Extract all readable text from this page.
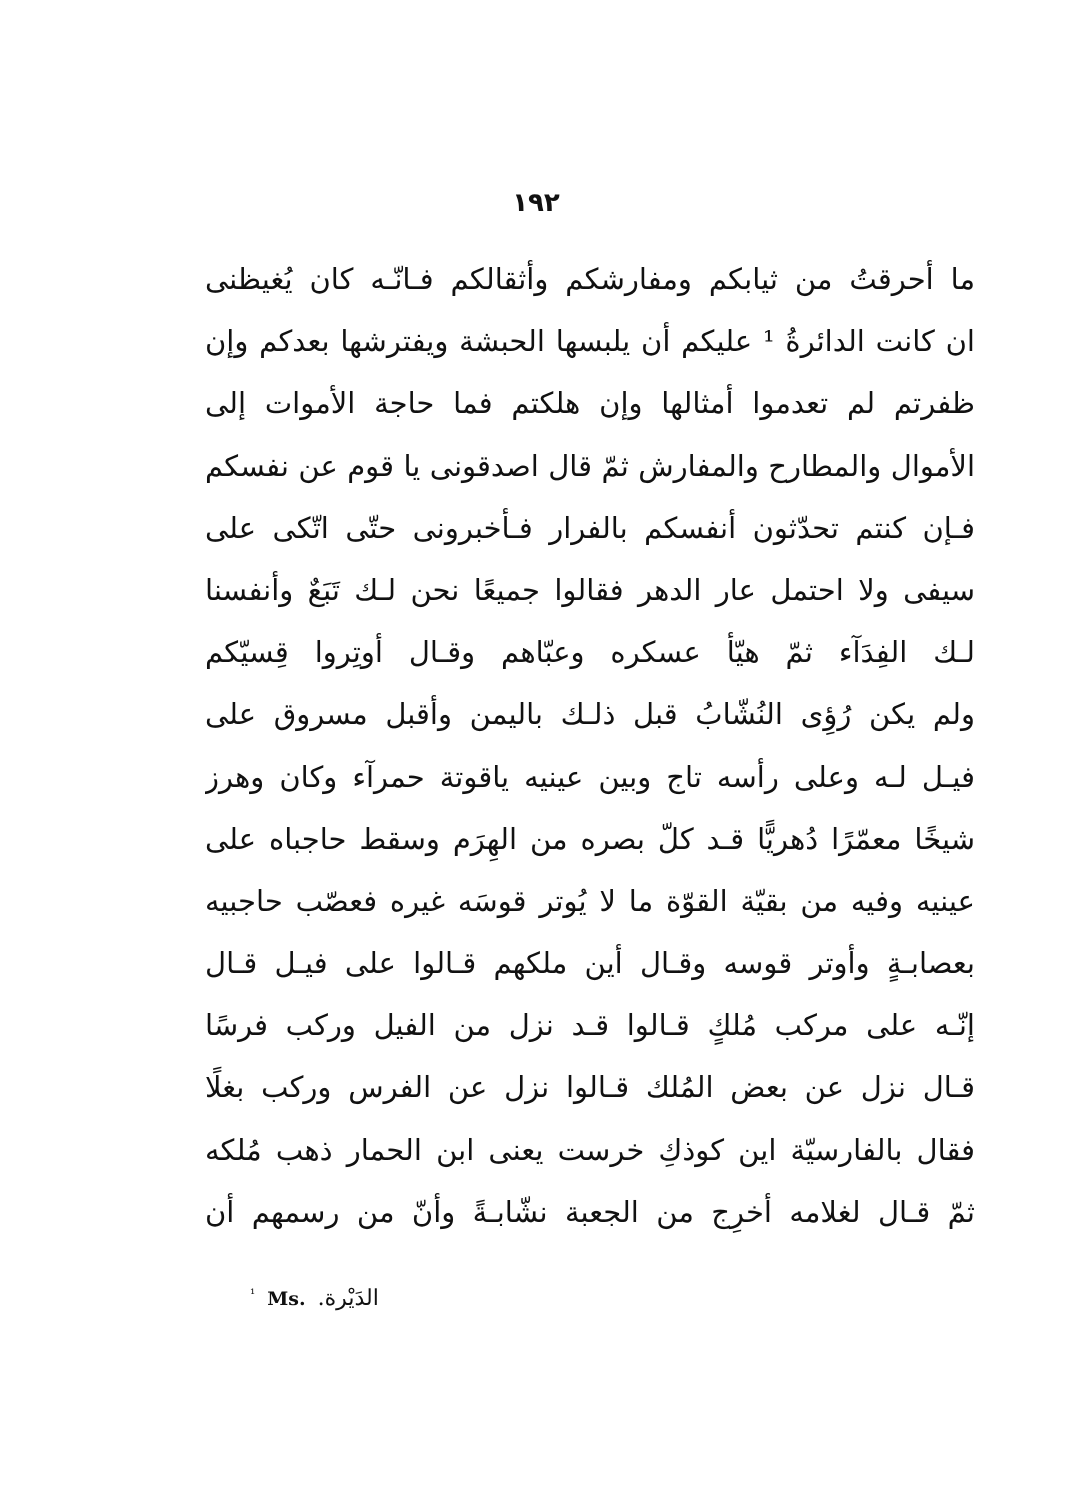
١٩٢
ما أحرقتُ من ثيابكم ومفارشكم وأثقالكم فـانّـه كان يُغيظنى
ان كانت الدائرةُ ¹ عليكم أن يلبسها الحبشة ويفترشها بعدكم وإن
ظفرتم لم تعدموا أمثالها وإن هلكتم فما حاجة الأموات إلى
الأموال والمطارح والمفارش ثمّ قال اصدقونى يا قوم عن نفسكم
فـإن كنتم تحدّثون أنفسكم بالفرار فـأخبرونى حتّى اتّكى على
سيفى ولا احتمل عار الدهر فقالوا جميعًا نحن لـك تَبَعٌ وأنفسنا
لـك الفِدَآء ثمّ هيّأ عسكره وعبّاهم وقـال أوتِروا قِسيّكم
ولم يكن رُؤِى النُشّابُ قبل ذلـك باليمن وأقبل مسروق على
فيـل لـه وعلى رأسه تاج وبين عينيه ياقوتة حمرآء وكان وهرز
شيخًا معمّرًا دُهريًّا قـد كلّ بصره من الهِرَم وسقط حاجباه على
عينيه وفيه من بقيّة القوّة ما لا يُوتر قوسَه غيره فعصّب حاجبيه
بعصابـةٍ وأوتر قوسه وقـال أين ملكهم قـالوا على فيـل قـال
إنّـه على مركب مُلكٍ قـالوا قـد نزل من الفيل وركب فرسًا
قـال نزل عن بعض المُلك قـالوا نزل عن الفرس وركب بغلًا
فقال بالفارسيّة اين كوذكِ خرست يعنى ابن الحمار ذهب مُلكه
ثمّ قـال لغلامه أخرِج من الجعبة نشّابـةً وأنّ من رسمهم أن
$^{^1}$ Ms. الدَيْرة.
